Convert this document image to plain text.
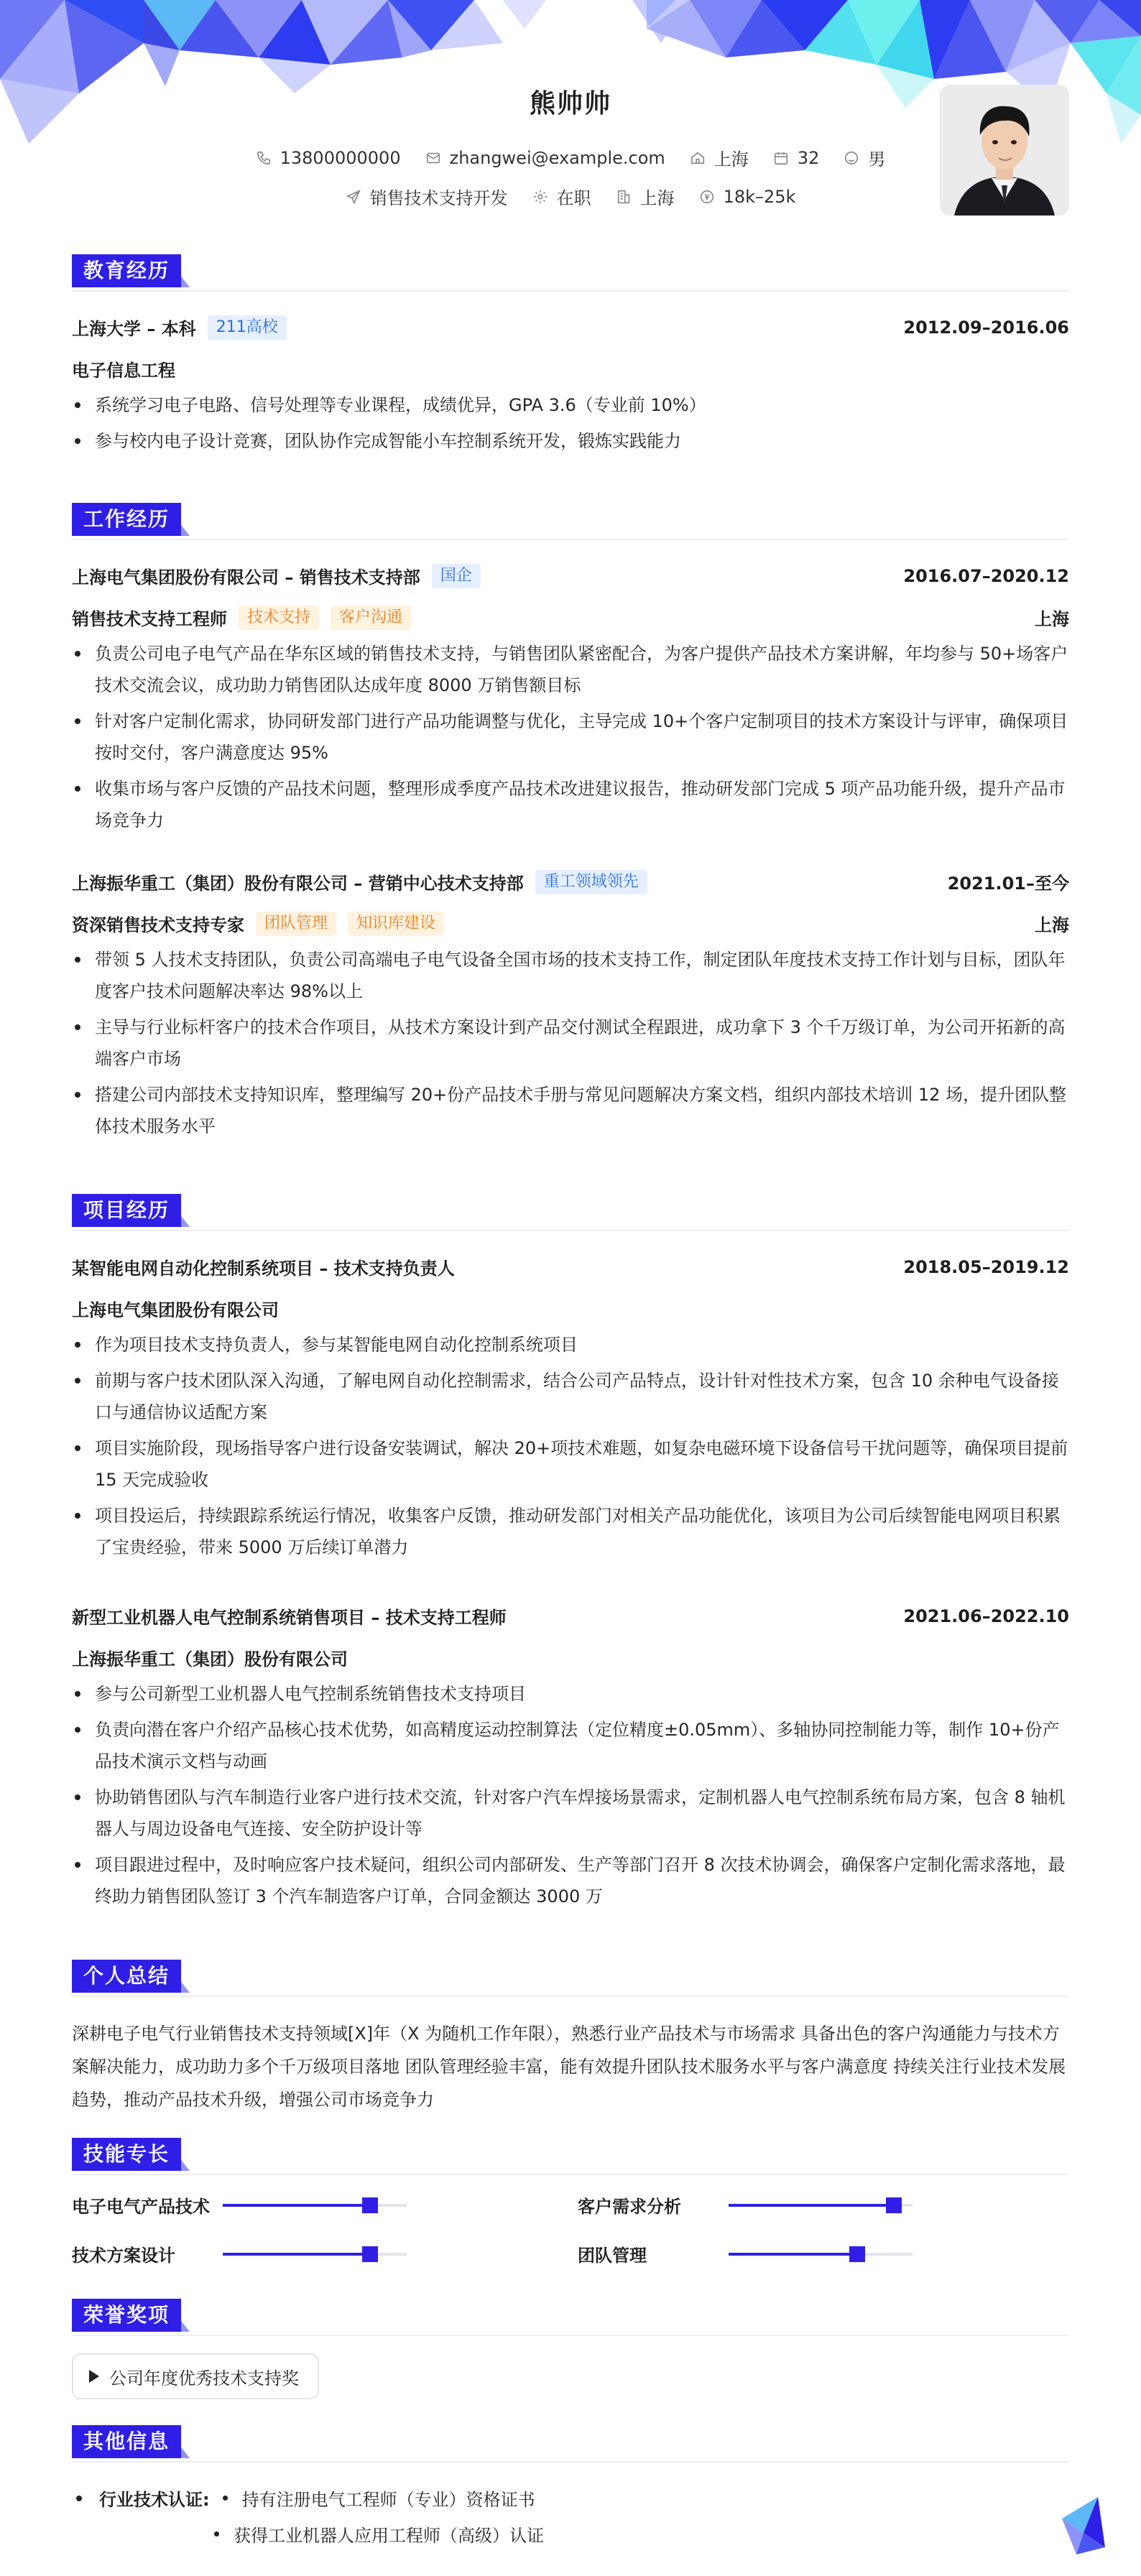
熊帅帅
13800000000	zhangwei@example.com	上海	32	男
销售技术支持开发	在职	上海	18k–25k
教育经历
上海大学 – 本科	211高校	2012.09–2016.06
电子信息工程
系统学习电子电路、信号处理等专业课程，成绩优异，GPA 3.6（专业前 10%）
参与校内电子设计竞赛，团队协作完成智能小车控制系统开发，锻炼实践能力
工作经历
上海电气集团股份有限公司 – 销售技术支持部	国企	2016.07–2020.12
销售技术支持工程师	技术支持	客户沟通	上海
负责公司电子电气产品在华东区域的销售技术支持，与销售团队紧密配合，为客户提供产品技术方案讲解，年均参与 50+场客户技术交流会议，成功助力销售团队达成年度 8000 万销售额目标
针对客户定制化需求，协同研发部门进行产品功能调整与优化，主导完成 10+个客户定制项目的技术方案设计与评审，确保项目按时交付，客户满意度达 95%
收集市场与客户反馈的产品技术问题，整理形成季度产品技术改进建议报告，推动研发部门完成 5 项产品功能升级，提升产品市场竞争力
上海振华重工（集团）股份有限公司 – 营销中心技术支持部	重工领域领先	2021.01–至今
资深销售技术支持专家	团队管理	知识库建设	上海
带领 5 人技术支持团队，负责公司高端电子电气设备全国市场的技术支持工作，制定团队年度技术支持工作计划与目标，团队年度客户技术问题解决率达 98%以上
主导与行业标杆客户的技术合作项目，从技术方案设计到产品交付测试全程跟进，成功拿下 3 个千万级订单，为公司开拓新的高端客户市场
搭建公司内部技术支持知识库，整理编写 20+份产品技术手册与常见问题解决方案文档，组织内部技术培训 12 场，提升团队整体技术服务水平
项目经历
某智能电网自动化控制系统项目 – 技术支持负责人	2018.05–2019.12
上海电气集团股份有限公司
作为项目技术支持负责人，参与某智能电网自动化控制系统项目
前期与客户技术团队深入沟通，了解电网自动化控制需求，结合公司产品特点，设计针对性技术方案，包含 10 余种电气设备接口与通信协议适配方案
项目实施阶段，现场指导客户进行设备安装调试，解决 20+项技术难题，如复杂电磁环境下设备信号干扰问题等，确保项目提前 15 天完成验收
项目投运后，持续跟踪系统运行情况，收集客户反馈，推动研发部门对相关产品功能优化，该项目为公司后续智能电网项目积累了宝贵经验，带来 5000 万后续订单潜力
新型工业机器人电气控制系统销售项目 – 技术支持工程师	2021.06–2022.10
上海振华重工（集团）股份有限公司
参与公司新型工业机器人电气控制系统销售技术支持项目
负责向潜在客户介绍产品核心技术优势，如高精度运动控制算法（定位精度±0.05mm）、多轴协同控制能力等，制作 10+份产品技术演示文档与动画
协助销售团队与汽车制造行业客户进行技术交流，针对客户汽车焊接场景需求，定制机器人电气控制系统布局方案，包含 8 轴机器人与周边设备电气连接、安全防护设计等
项目跟进过程中，及时响应客户技术疑问，组织公司内部研发、生产等部门召开 8 次技术协调会，确保客户定制化需求落地，最终助力销售团队签订 3 个汽车制造客户订单，合同金额达 3000 万
个人总结
深耕电子电气行业销售技术支持领域[X]年（X 为随机工作年限），熟悉行业产品技术与市场需求 具备出色的客户沟通能力与技术方案解决能力，成功助力多个千万级项目落地 团队管理经验丰富，能有效提升团队技术服务水平与客户满意度 持续关注行业技术发展趋势，推动产品技术升级，增强公司市场竞争力
技能专长
电子电气产品技术	客户需求分析
技术方案设计	团队管理
荣誉奖项
公司年度优秀技术支持奖
其他信息
行业技术认证: 持有注册电气工程师（专业）资格证书
获得工业机器人应用工程师（高级）认证
